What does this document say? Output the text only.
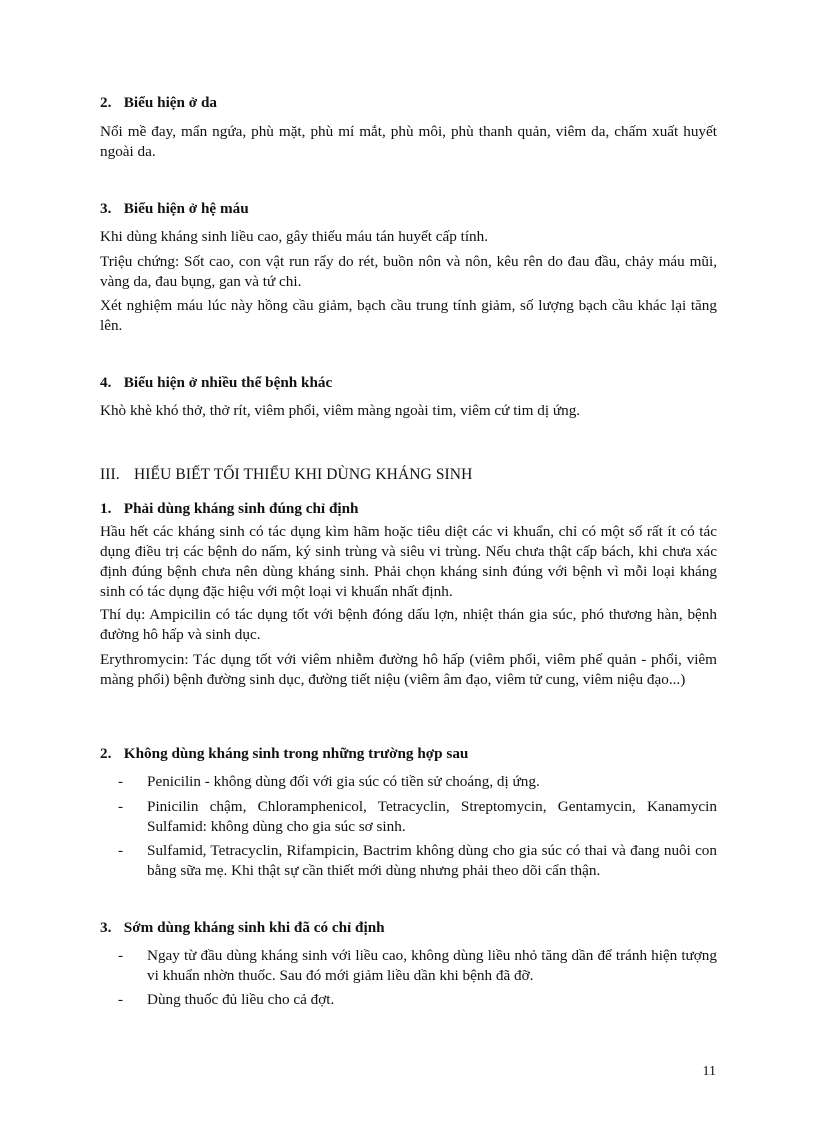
2. Biểu hiện ở da

Nổi mề đay, mẩn ngứa, phù mặt, phù mí mắt, phù môi, phù thanh quản, viêm da, chấm xuất huyết ngoài da.

3. Biểu hiện ở hệ máu

Khi dùng kháng sinh liều cao, gây thiếu máu tán huyết cấp tính.

Triệu chứng: Sốt cao, con vật run rẩy do rét, buồn nôn và nôn, kêu rên do đau đầu, chảy máu mũi, vàng da, đau bụng, gan và tứ chi.

Xét nghiệm máu lúc này hồng cầu giảm, bạch cầu trung tính giảm, số lượng bạch cầu khác lại tăng lên.

4. Biểu hiện ở nhiều thể bệnh khác

Khò khè khó thở, thở rít, viêm phổi, viêm màng ngoài tim, viêm cứ tim dị ứng.

III. HIỂU BIẾT TỐI THIỂU KHI DÙNG KHÁNG SINH
1. Phải dùng kháng sinh đúng chỉ định

Hầu hết các kháng sinh có tác dụng kìm hãm hoặc tiêu diệt các vi khuẩn, chỉ có một số rất ít có tác dụng điều trị các bệnh do nấm, ký sinh trùng và siêu vi trùng. Nếu chưa thật cấp bách, khi chưa xác định đúng bệnh chưa nên dùng kháng sinh. Phải chọn kháng sinh đúng với bệnh vì mỗi loại kháng sinh có tác dụng đặc hiệu với một loại vi khuẩn nhất định.

Thí dụ: Ampicilin có tác dụng tốt với bệnh đóng dấu lợn, nhiệt thán gia súc, phó thương hàn, bệnh đường hô hấp và sinh dục.

Erythromycin: Tác dụng tốt với viêm nhiễm đường hô hấp (viêm phổi, viêm phế quản - phổi, viêm màng phổi) bệnh đường sinh dục, đường tiết niệu (viêm âm đạo, viêm tử cung, viêm niệu đạo...)

2. Không dùng kháng sinh trong những trường hợp sau
- Penicilin - không dùng đối với gia súc có tiền sử choáng, dị ứng.
- Pinicilin chậm, Chloramphenicol, Tetracyclin, Streptomycin, Gentamycin, Kanamycin Sulfamid: không dùng cho gia súc sơ sinh.
- Sulfamid, Tetracyclin, Rifampicin, Bactrim không dùng cho gia súc có thai và đang nuôi con bằng sữa mẹ. Khi thật sự cần thiết mới dùng nhưng phải theo dõi cẩn thận.
3. Sớm dùng kháng sinh khi đã có chỉ định
- Ngay từ đầu dùng kháng sinh với liều cao, không dùng liều nhỏ tăng dần để tránh hiện tượng vi khuẩn nhờn thuốc. Sau đó mới giảm liều dần khi bệnh đã đỡ.
- Dùng thuốc đủ liều cho cả đợt.
11
